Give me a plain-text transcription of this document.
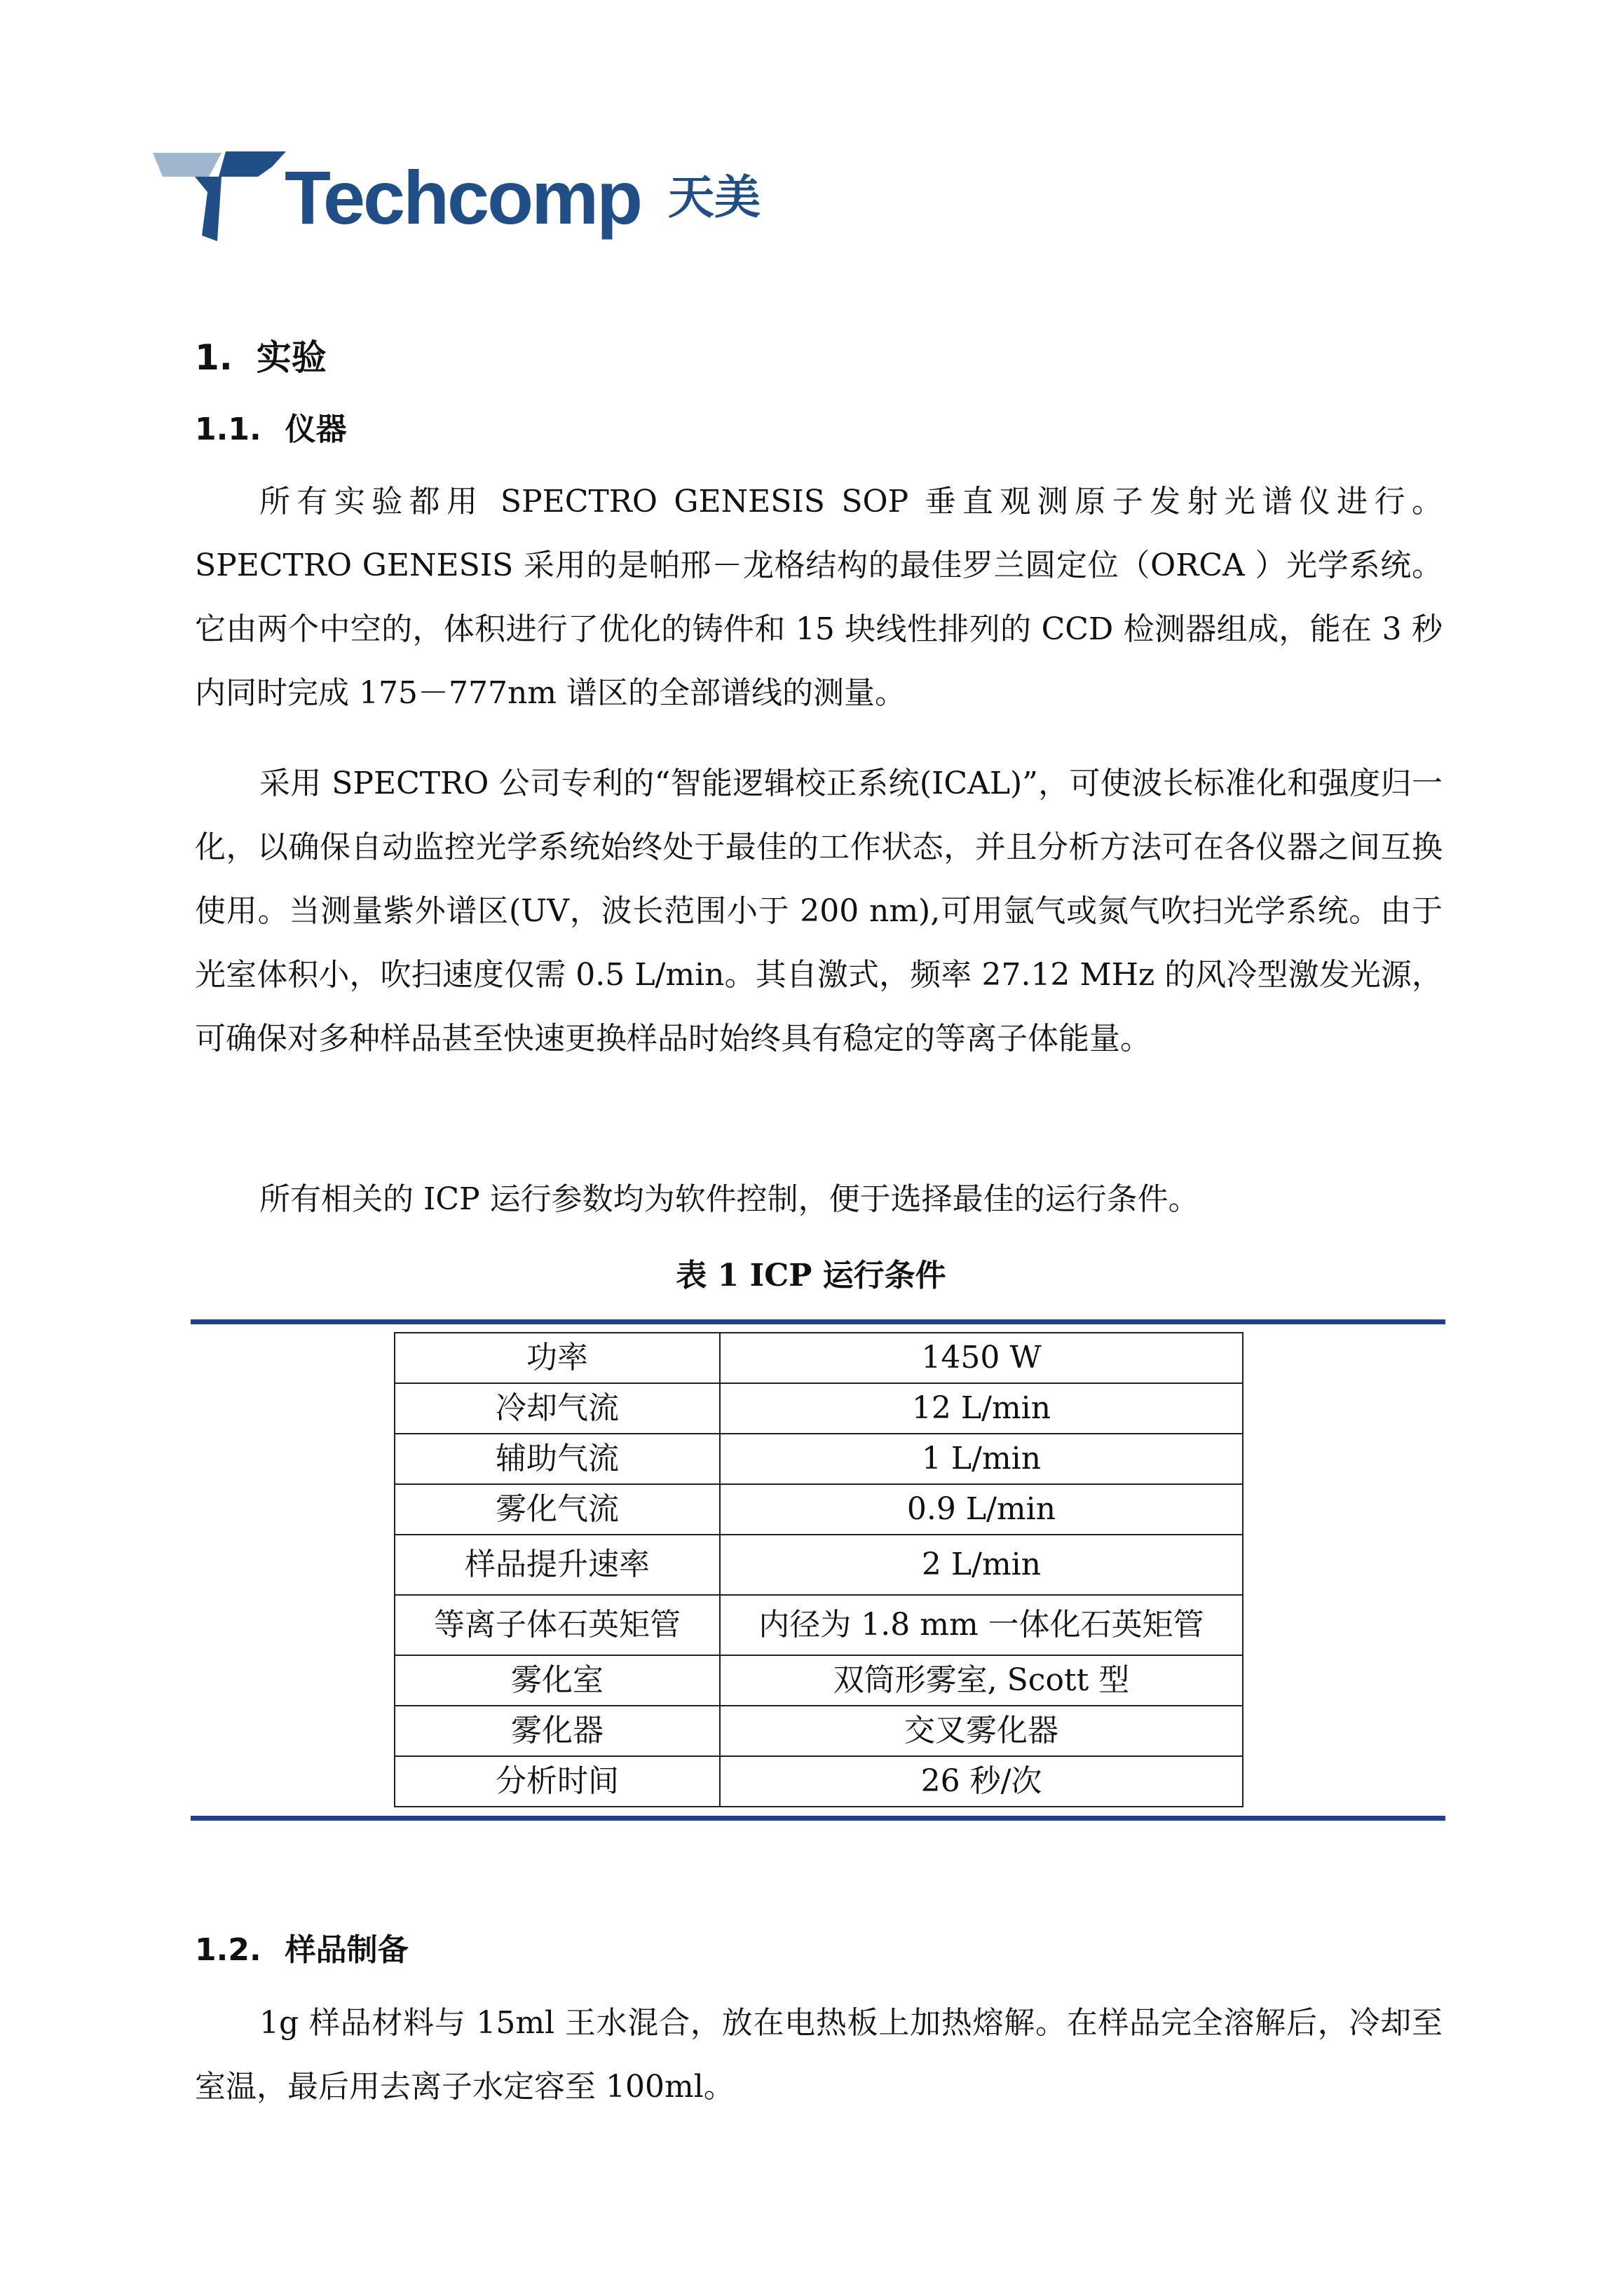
Techcomp 天美
1. 实验
1.1. 仪器

所有实验都用 SPECTRO GENESIS SOP 垂直观测原子发射光谱仪进行。SPECTRO GENESIS 采用的是帕邢－龙格结构的最佳罗兰圆定位（ORCA ）光学系统。它由两个中空的，体积进行了优化的铸件和 15 块线性排列的 CCD 检测器组成，能在 3 秒内同时完成 175－777nm 谱区的全部谱线的测量。

采用 SPECTRO 公司专利的“智能逻辑校正系统(ICAL)”，可使波长标准化和强度归一化，以确保自动监控光学系统始终处于最佳的工作状态，并且分析方法可在各仪器之间互换使用。当测量紫外谱区(UV，波长范围小于 200 nm),可用氩气或氮气吹扫光学系统。由于光室体积小，吹扫速度仅需 0.5 L/min。其自激式，频率 27.12 MHz 的风冷型激发光源，可确保对多种样品甚至快速更换样品时始终具有稳定的等离子体能量。

所有相关的 ICP 运行参数均为软件控制，便于选择最佳的运行条件。

表 1 ICP 运行条件
功率	1450 W
冷却气流	12 L/min
辅助气流	1 L/min
雾化气流	0.9 L/min
样品提升速率	2 L/min
等离子体石英矩管	内径为 1.8 mm 一体化石英矩管
雾化室	双筒形雾室, Scott 型
雾化器	交叉雾化器
分析时间	26 秒/次
1.2. 样品制备

1g 样品材料与 15ml 王水混合，放在电热板上加热熔解。在样品完全溶解后，冷却至室温，最后用去离子水定容至 100ml。
